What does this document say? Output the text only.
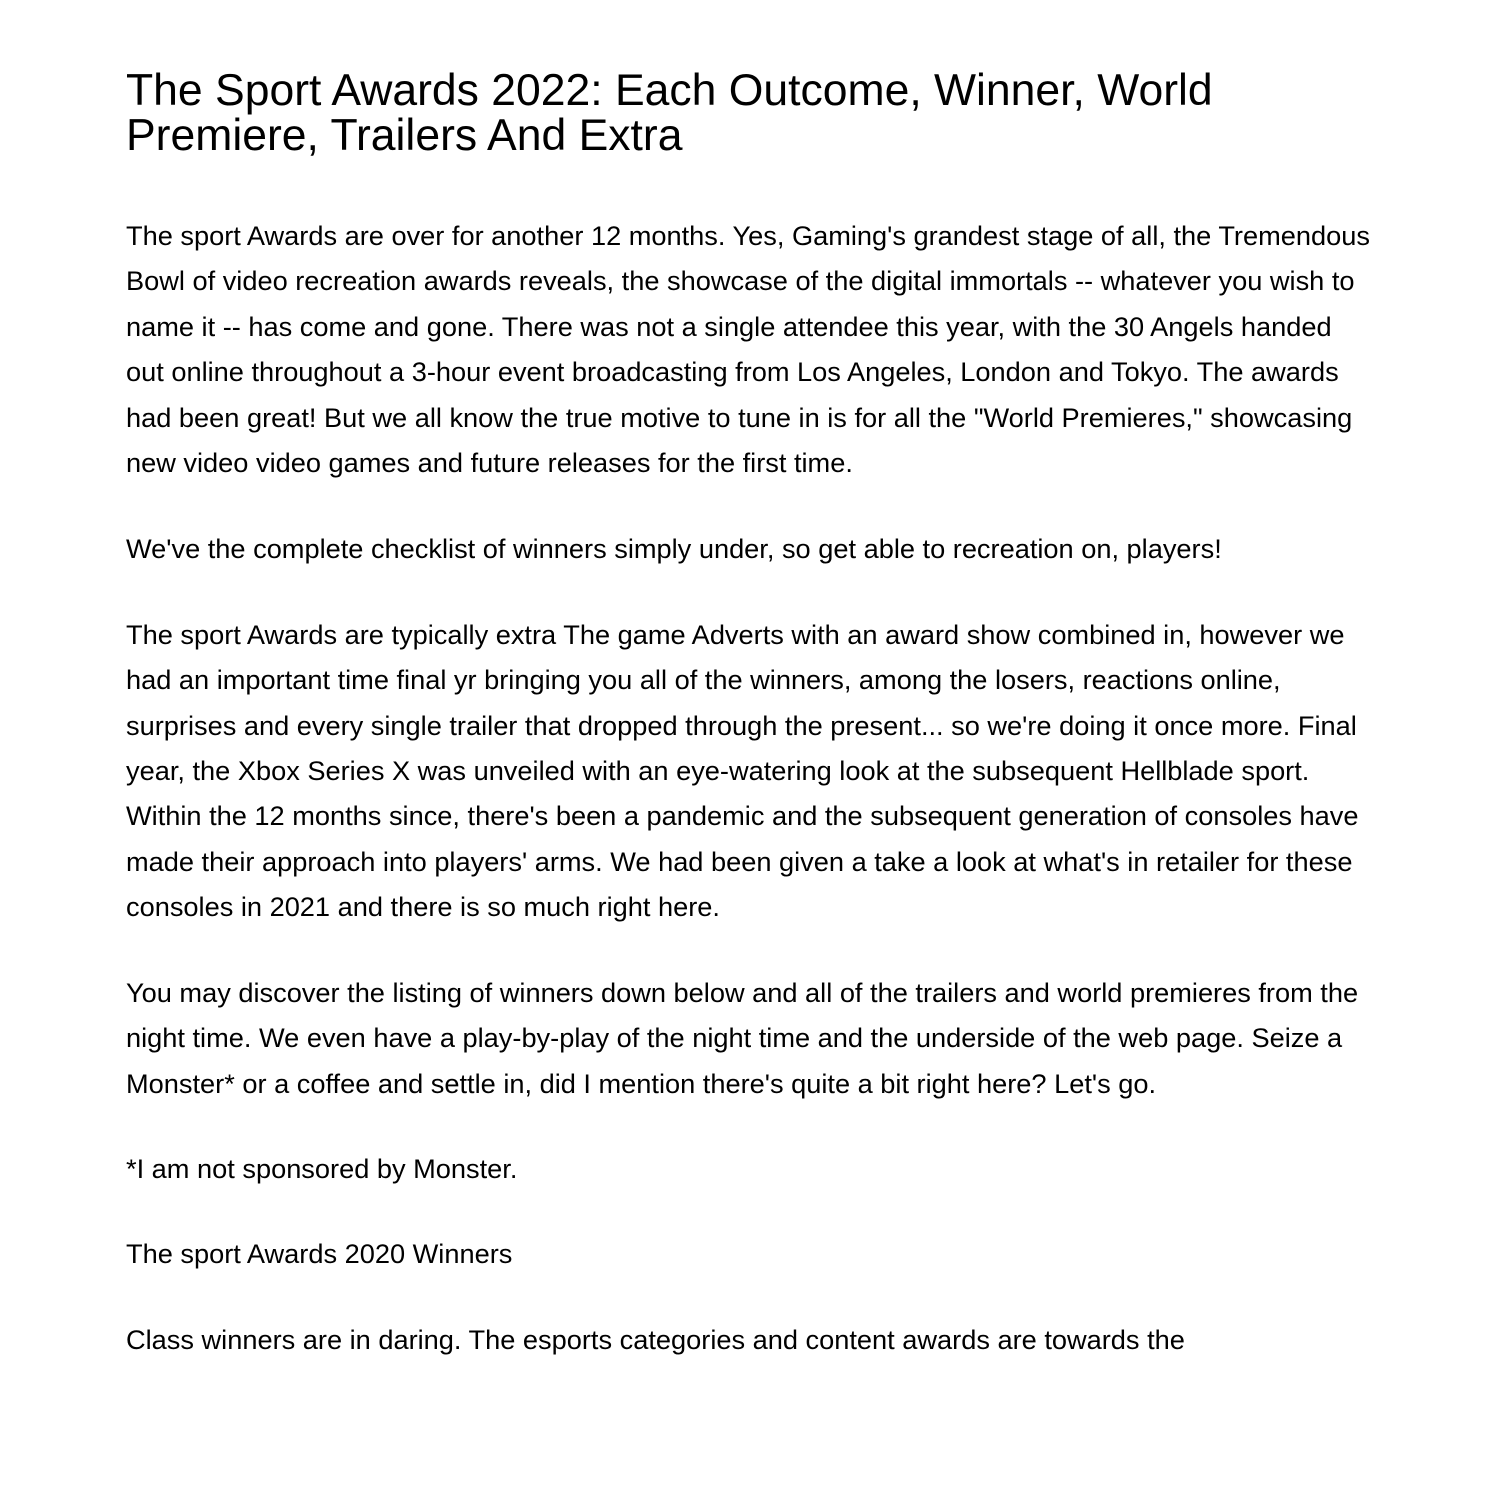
The Sport Awards 2022: Each Outcome, Winner, World Premiere, Trailers And Extra

The sport Awards are over for another 12 months. Yes, Gaming's grandest stage of all, the Tremendous Bowl of video recreation awards reveals, the showcase of the digital immortals -- whatever you wish to name it -- has come and gone. There was not a single attendee this year, with the 30 Angels handed out online throughout a 3-hour event broadcasting from Los Angeles, London and Tokyo. The awards had been great! But we all know the true motive to tune in is for all the "World Premieres," showcasing new video video games and future releases for the first time.

We've the complete checklist of winners simply under, so get able to recreation on, players!

The sport Awards are typically extra The game Adverts with an award show combined in, however we had an important time final yr bringing you all of the winners, among the losers, reactions online, surprises and every single trailer that dropped through the present... so we're doing it once more. Final year, the Xbox Series X was unveiled with an eye-watering look at the subsequent Hellblade sport. Within the 12 months since, there's been a pandemic and the subsequent generation of consoles have made their approach into players' arms. We had been given a take a look at what's in retailer for these consoles in 2021 and there is so much right here.

You may discover the listing of winners down below and all of the trailers and world premieres from the night time. We even have a play-by-play of the night time and the underside of the web page. Seize a Monster* or a coffee and settle in, did I mention there's quite a bit right here? Let's go.

*I am not sponsored by Monster.

The sport Awards 2020 Winners

Class winners are in daring. The esports categories and content awards are towards the
